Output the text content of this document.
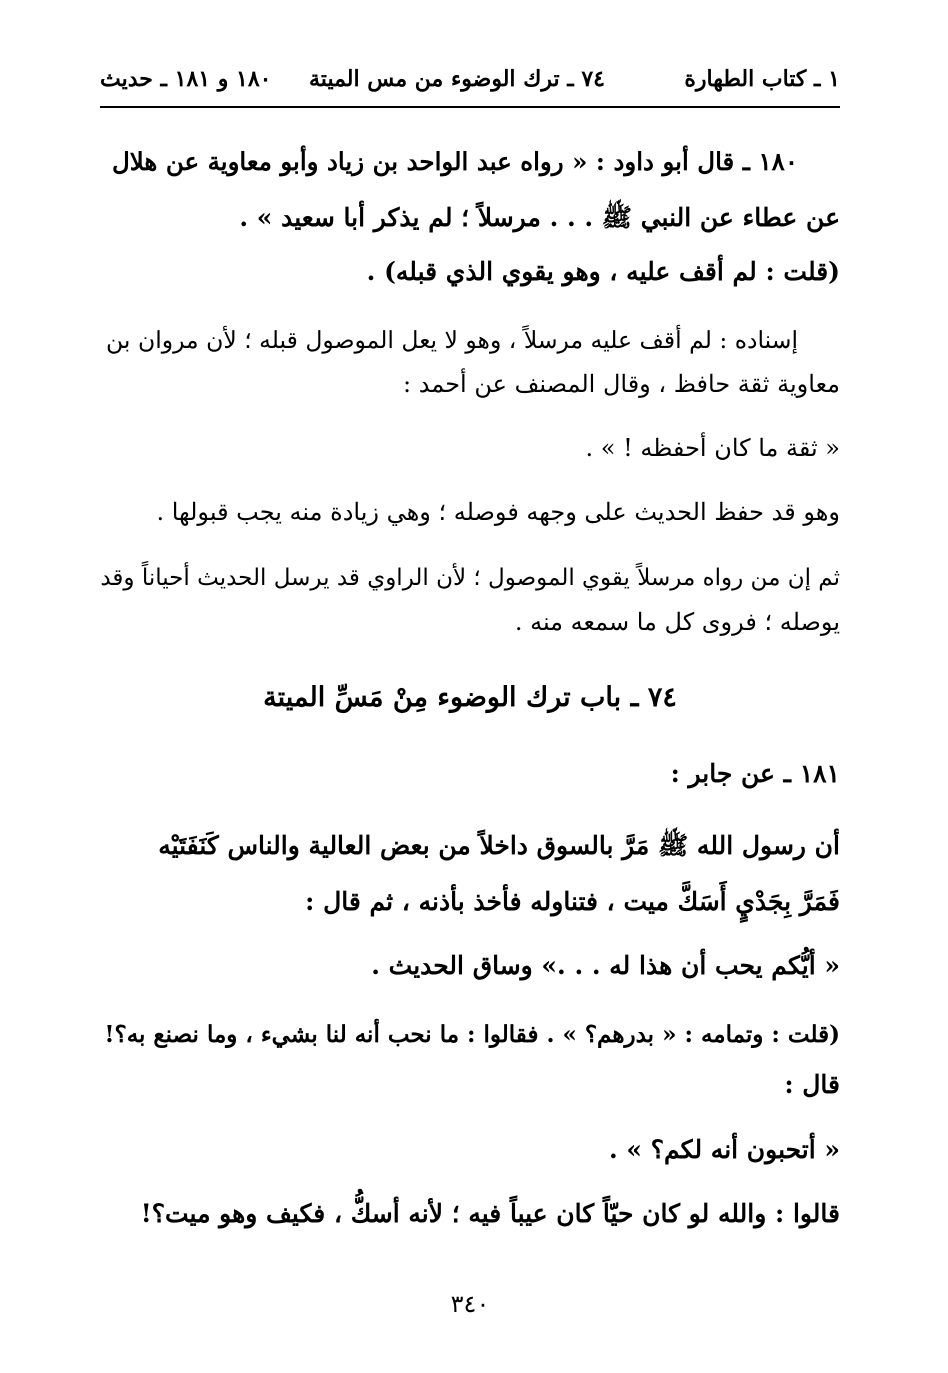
١ ـ كتاب الطهارة
٧٤ ـ ترك الوضوء من مس الميتة
١٨٠ و ١٨١ ـ حديث
١٨٠ ـ قال أبو داود : « رواه عبد الواحد بن زياد وأبو معاوية عن هلال
عن عطاء عن النبي ﷺ . . . مرسلاً ؛ لم يذكر أبا سعيد » .
(قلت : لم أقف عليه ، وهو يقوي الذي قبله) .
إسناده : لم أقف عليه مرسلاً ، وهو لا يعل الموصول قبله ؛ لأن مروان بن
معاوية ثقة حافظ ، وقال المصنف عن أحمد :
« ثقة ما كان أحفظه ! » .
وهو قد حفظ الحديث على وجهه فوصله ؛ وهي زيادة منه يجب قبولها .
ثم إن من رواه مرسلاً يقوي الموصول ؛ لأن الراوي قد يرسل الحديث أحياناً وقد
يوصله ؛ فروى كل ما سمعه منه .
٧٤ ـ باب ترك الوضوء مِنْ مَسِّ الميتة
١٨١ ـ عن جابر :
أن رسول الله ﷺ مَرَّ بالسوق داخلاً من بعض العالية والناس كَنَفَتَيْه
فَمَرَّ بِجَدْيٍ أَسَكَّ ميت ، فتناوله فأخذ بأذنه ، ثم قال :
« أيُّكم يحب أن هذا له . . .» وساق الحديث .
(قلت : وتمامه : « بدرهم؟ » . فقالوا : ما نحب أنه لنا بشيء ، وما نصنع به؟!
قال :
« أتحبون أنه لكم؟ » .
قالوا : والله لو كان حيّاً كان عيباً فيه ؛ لأنه أسكُّ ، فكيف وهو ميت؟!
٣٤٠
